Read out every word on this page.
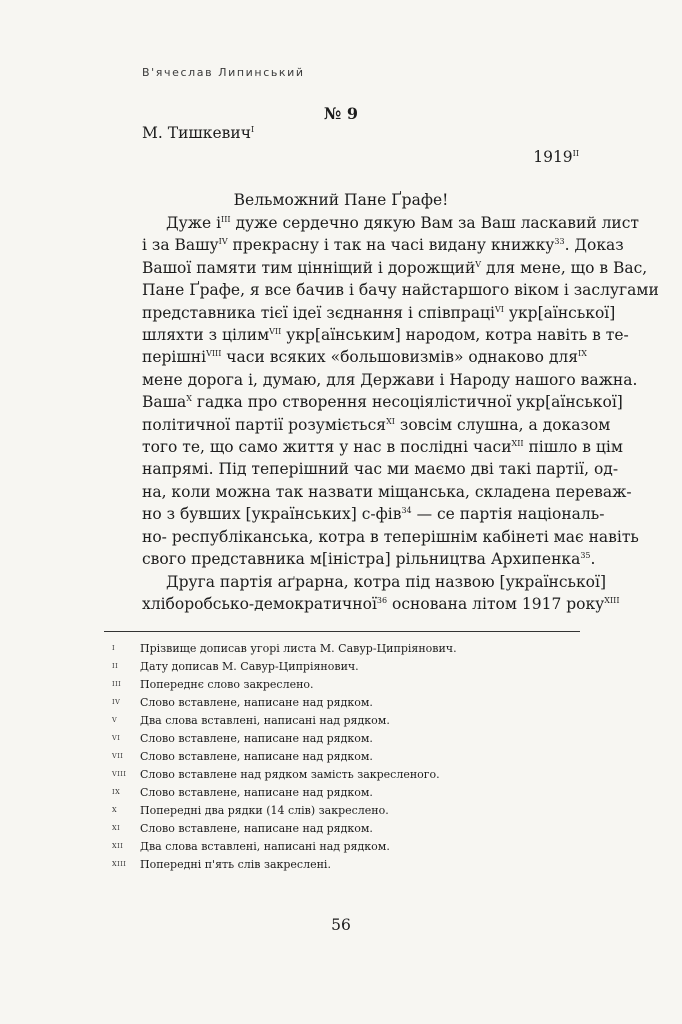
В'ячеслав Липинський
№ 9
М. Тишкевич$^I$
$1919^{II}$
Вельможний Пане Ґрафе!
Дуже $і^{III}$ дуже сердечно дякую Вам за Ваш ласкавий лист
і за Вашу$^{IV}$ прекрасну і так на часі видану книжку$^{33}$. Доказ
Вашої памяти тим цінніщий і дорожщий$^V$ для мене, що в Вас,
Пане Ґрафе, я все бачив і бачу найстаршого віком і заслугами
представника тієї ідеї зєднання і співпраці$^{VI}$ укр[аїнської]
шляхти з цілим$^{VII}$ укр[аїнським] народом, котра навіть в те-
перішні$^{VIII}$ часи всяких «большовизмів» однаково для$^{IX}$
мене дорога і, думаю, для Держави і Народу нашого важна.
Ваша$^X$ гадка про створення несоціялістичної укр[аїнської]
політичної партії розуміється$^{XI}$ зовсім слушна, а доказом
того те, що само життя у нас в послідні часи$^{XII}$ пішло в цім
напрямі. Під теперішний час ми маємо дві такі партії, од-
на, коли можна так назвати міщанська, складена переваж-
но з бувших [українських] с-фів$^{34}$ — се партія національ-
но- республіканська, котра в теперішнім кабінеті має навіть
свого представника м[іністра] рільництва Архипенка$^{35}$.
Друга партія аґрарна, котра під назвою [української]
хліборобсько-демократичної$^{36}$ основана літом 1917 року$^{XIII}$
I	Прізвище дописав угорі листа М. Савур-Ципріянович.
II	Дату дописав М. Савур-Ципріянович.
III	Попереднє слово закреслено.
IV	Слово вставлене, написане над рядком.
V	Два слова вставлені, написані над рядком.
VI	Слово вставлене, написане над рядком.
VII	Слово вставлене, написане над рядком.
VIII	Слово вставлене над рядком замість закресленого.
IX	Слово вставлене, написане над рядком.
X	Попередні два рядки (14 слів) закреслено.
XI	Слово вставлене, написане над рядком.
XII	Два слова вставлені, написані над рядком.
XIII	Попередні п'ять слів закреслені.
56
